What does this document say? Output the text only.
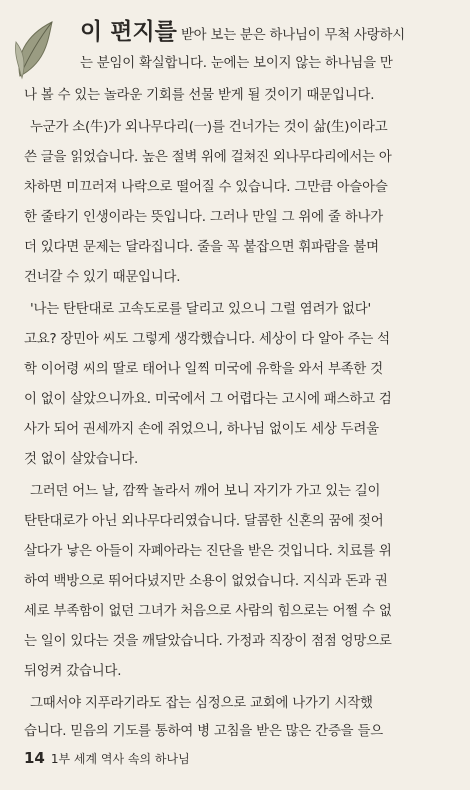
이 편지를 받아 보는 분은 하나님이 무척 사랑하시
는 분임이 확실합니다. 눈에는 보이지 않는 하나님을 만
나 볼 수 있는 놀라운 기회를 선물 받게 될 것이기 때문입니다.
누군가 소(牛)가 외나무다리(一)를 건너가는 것이 삶(生)이라고
쓴 글을 읽었습니다. 높은 절벽 위에 걸쳐진 외나무다리에서는 아
차하면 미끄러져 나락으로 떨어질 수 있습니다. 그만큼 아슬아슬
한 줄타기 인생이라는 뜻입니다. 그러나 만일 그 위에 줄 하나가
더 있다면 문제는 달라집니다. 줄을 꼭 붙잡으면 휘파람을 불며
건너갈 수 있기 때문입니다.
'나는 탄탄대로 고속도로를 달리고 있으니 그럴 염려가 없다'
고요? 장민아 씨도 그렇게 생각했습니다. 세상이 다 알아 주는 석
학 이어령 씨의 딸로 태어나 일찍 미국에 유학을 와서 부족한 것
이 없이 살았으니까요. 미국에서 그 어렵다는 고시에 패스하고 검
사가 되어 권세까지 손에 쥐었으니, 하나님 없이도 세상 두려울
것 없이 살았습니다.
그러던 어느 날, 깜짝 놀라서 깨어 보니 자기가 가고 있는 길이
탄탄대로가 아닌 외나무다리였습니다. 달콤한 신혼의 꿈에 젖어
살다가 낳은 아들이 자폐아라는 진단을 받은 것입니다. 치료를 위
하여 백방으로 뛰어다녔지만 소용이 없었습니다. 지식과 돈과 권
세로 부족함이 없던 그녀가 처음으로 사람의 힘으로는 어쩔 수 없
는 일이 있다는 것을 깨달았습니다. 가정과 직장이 점점 엉망으로
뒤엉켜 갔습니다.
그때서야 지푸라기라도 잡는 심정으로 교회에 나가기 시작했
습니다. 믿음의 기도를 통하여 병 고침을 받은 많은 간증을 들으
14 1부 세계 역사 속의 하나님
